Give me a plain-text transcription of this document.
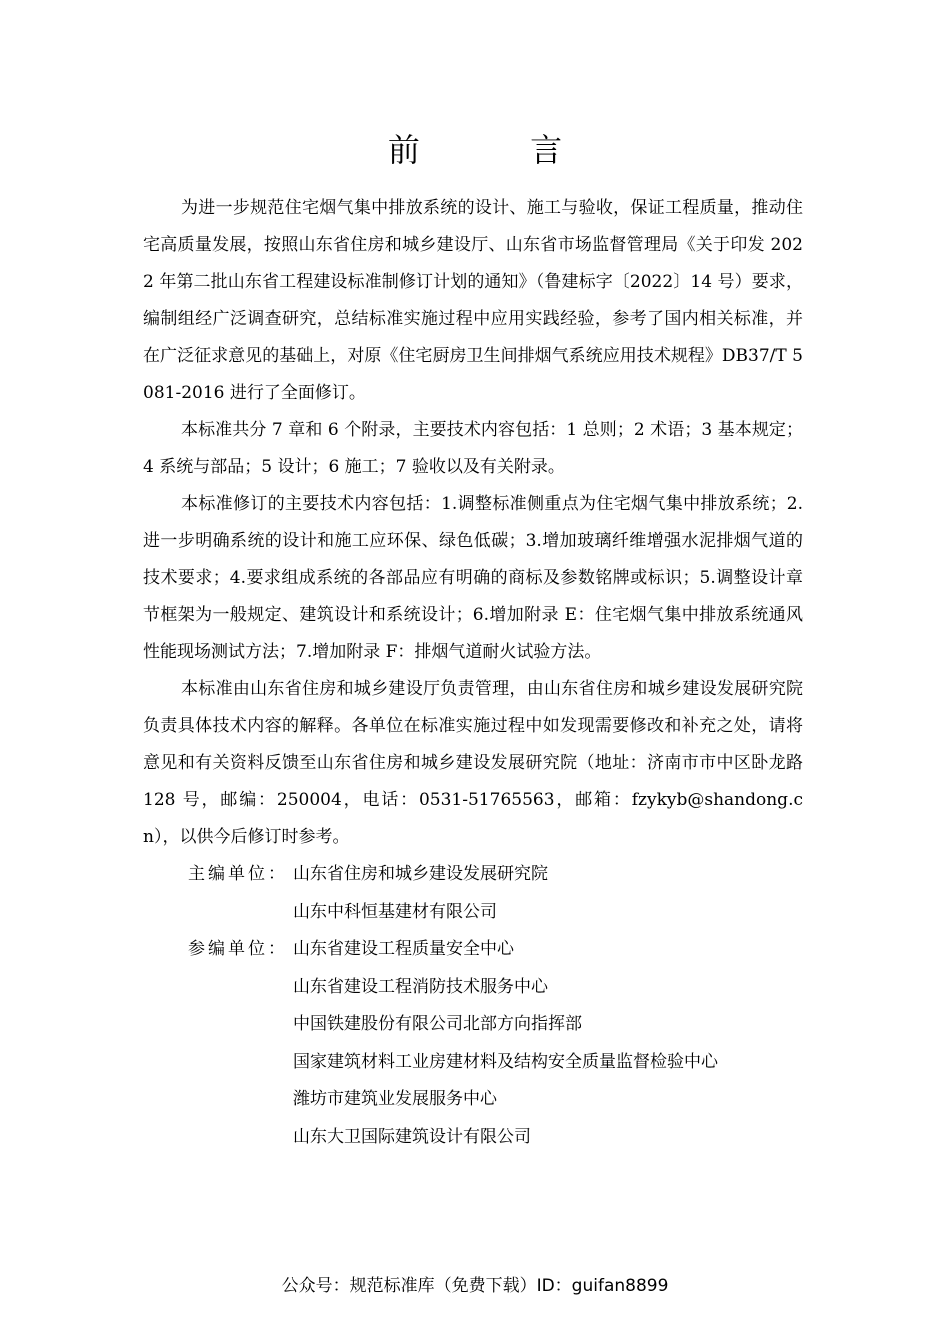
前 言

为进一步规范住宅烟气集中排放系统的设计、施工与验收，保证工程质量，推动住宅高质量发展，按照山东省住房和城乡建设厅、山东省市场监督管理局《关于印发 2022 年第二批山东省工程建设标准制修订计划的通知》（鲁建标字〔2022〕14 号）要求，编制组经广泛调查研究，总结标准实施过程中应用实践经验，参考了国内相关标准，并在广泛征求意见的基础上，对原《住宅厨房卫生间排烟气系统应用技术规程》DB37/T 5081-2016 进行了全面修订。

本标准共分 7 章和 6 个附录，主要技术内容包括：1 总则；2 术语；3 基本规定；4 系统与部品；5 设计；6 施工；7 验收以及有关附录。

本标准修订的主要技术内容包括：1.调整标准侧重点为住宅烟气集中排放系统；2.进一步明确系统的设计和施工应环保、绿色低碳；3.增加玻璃纤维增强水泥排烟气道的技术要求；4.要求组成系统的各部品应有明确的商标及参数铭牌或标识；5.调整设计章节框架为一般规定、建筑设计和系统设计；6.增加附录 E：住宅烟气集中排放系统通风性能现场测试方法；7.增加附录 F：排烟气道耐火试验方法。

本标准由山东省住房和城乡建设厅负责管理，由山东省住房和城乡建设发展研究院负责具体技术内容的解释。各单位在标准实施过程中如发现需要修改和补充之处，请将意见和有关资料反馈至山东省住房和城乡建设发展研究院（地址：济南市市中区卧龙路 128 号，邮编：250004，电话：0531-51765563，邮箱：fzykyb@shandong.cn），以供今后修订时参考。

主编单位： 山东省住房和城乡建设发展研究院
山东中科恒基建材有限公司
参编单位： 山东省建设工程质量安全中心
山东省建设工程消防技术服务中心
中国铁建股份有限公司北部方向指挥部
国家建筑材料工业房建材料及结构安全质量监督检验中心
潍坊市建筑业发展服务中心
山东大卫国际建筑设计有限公司
公众号：规范标准库（免费下载）ID：guifan8899
